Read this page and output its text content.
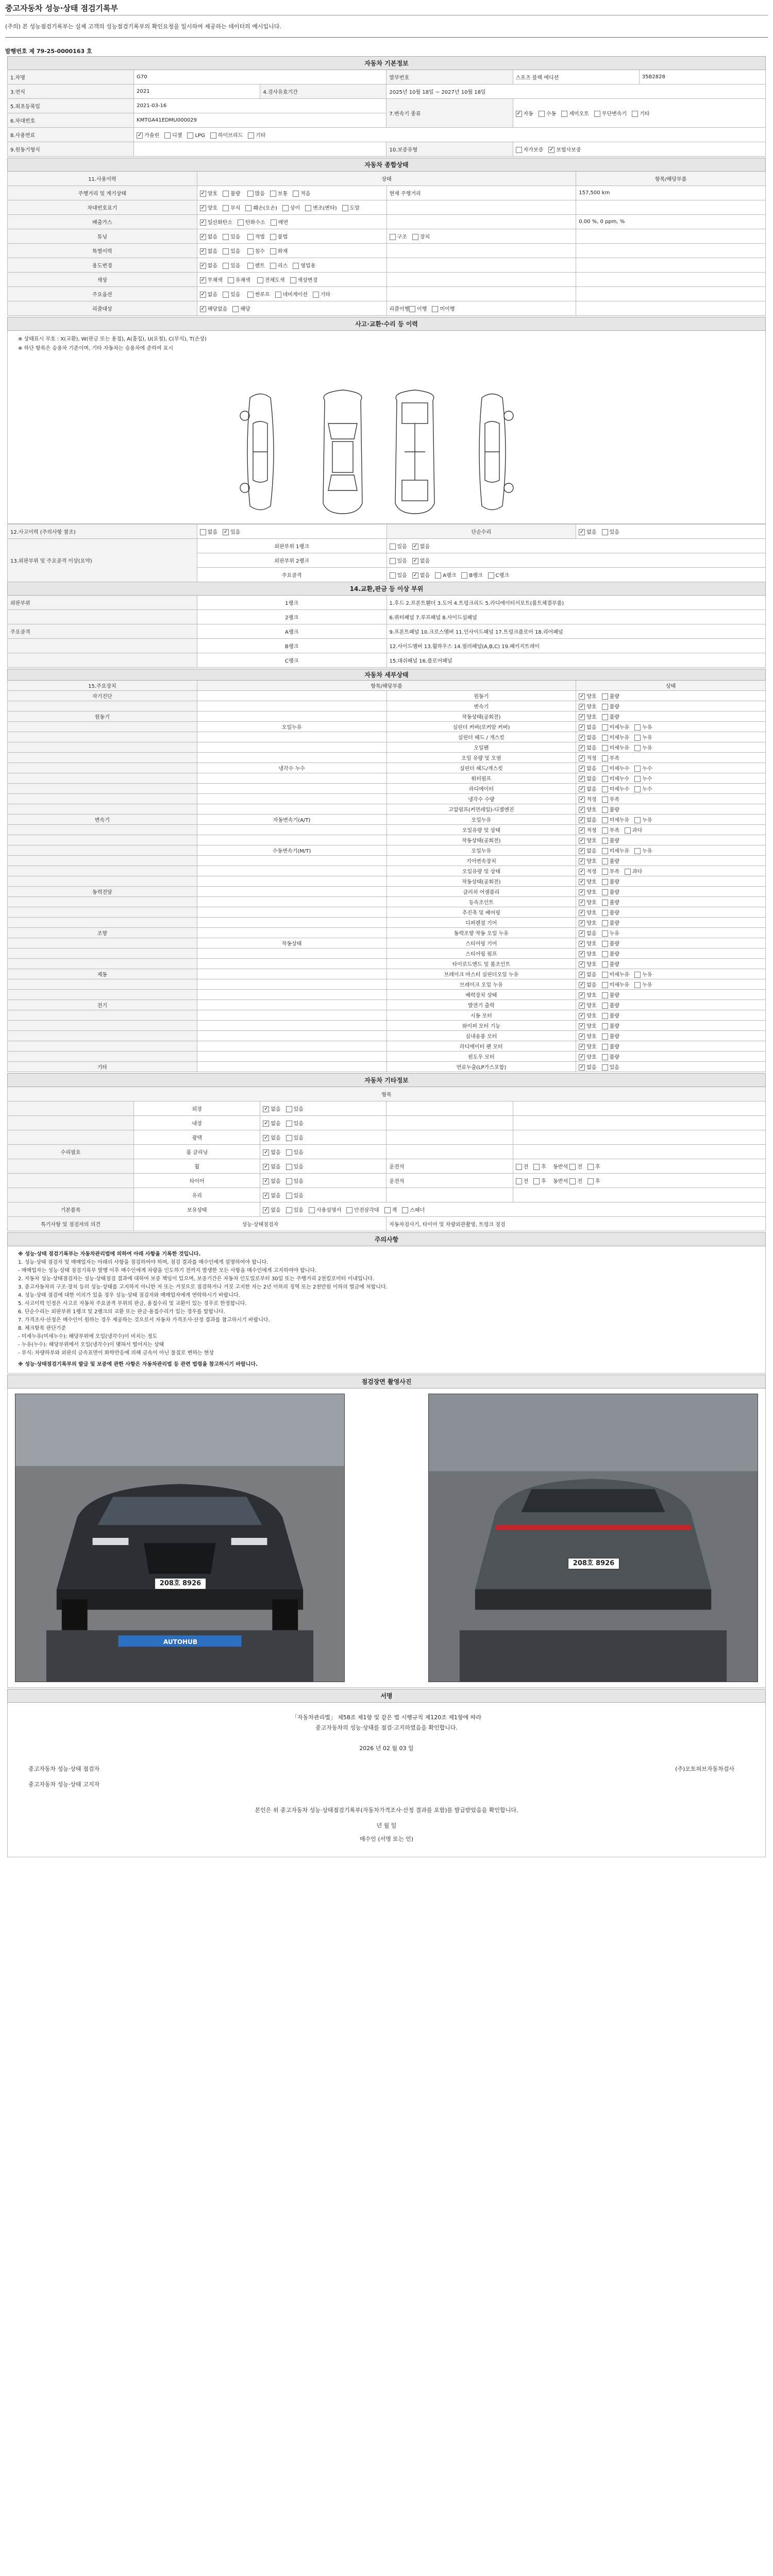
중고자동차 성능·상태 점검기록부
(주의) 본 성능점검기록부는 실제 고객의 성능점검기록부의 확인요청을 일시하여 제공하는 데이터의 예시입니다.
발행번호 제 79-25-0000163 호
자동차 기본정보					
1.차명	G70		발부번호	스포츠 블랙 에디션	35B2828
3.연식	2021	4.검사유효기간	2025년 10월 18일 ~ 2027년 10월 18일		
5.최초등록일	2021-03-16		7.변속기 종류	✓ 자동 수동 세미오토 무단변속기 기타	
6.차대번호	KMTGA41EDMU000029				
8.사용연료	✓ 가솔린 디젤 LPG 하이브리드 기타				
9.원동기형식			10.보증유형	자가보증 ✓ 보험사보증	
자동차 종합상태			
11.사용이력	상태		항목/해당부품
주행거리 및 계기상태	✓ 양호 불량 많음 보통 적음	현재 주행거리	157,500 km
차대번호표기	✓ 양호 부식 훼손(오손) 상이 변조(변타) 도말		
배출가스	✓ 일산화탄소 탄화수소 매연		0.00 %, 0 ppm, %
튜닝	✓ 없음 있음 적법 불법	구조 장치	
특별이력	✓ 없음 있음 침수 화재		
용도변경	✓ 없음 있음 렌트 리스 영업용		
색상	✓ 무채색 유채색 전체도색 색상변경		
주요옵션	✓ 없음 있음 썬루프 네비게이션 기타		
리콜대상	✓ 해당없음 해당	리콜이행 이행 미이행	
사고·교환·수리 등 이력
※ 상태표시 부호 : X(교환), W(판금 또는 용접), A(흠집), U(요철), C(부식), T(손상)
※ 하단 항목은 승용차 기준이며, 기타 자동차는 승용차에 준하여 표시
12.사고이력 (주의사항 참조)	없음 ✓ 있음	단순수리	✓ 없음 있음
13.외판부위 및 주요골격 이상(요약)	외판부위 1랭크	있음 ✓ 없음	
	외판부위 2랭크	있음 ✓ 없음	
	주요골격	있음 ✓ 없음 A랭크 B랭크 C랭크	
14.교환,판금 등 이상 부위			
외판부위	1랭크	1.후드 2.프론트휀더 3.도어 4.트렁크리드 5.라디에이터서포트(볼트체결부품)	
	2랭크	6.쿼터패널 7.루프패널 8.사이드실패널	
주요골격	A랭크	9.프론트패널 10.크로스멤버 11.인사이드패널 17.트렁크플로어 18.리어패널	
	B랭크	12.사이드멤버 13.휠하우스 14.필러패널(A,B,C) 19.패키지트레이	
	C랭크	15.대쉬패널 16.플로어패널	
자동차 세부상태			
15.주요장치	항목/해당부품		상태
자기진단		원동기	✓ 양호 불량
		변속기	✓ 양호 불량
원동기		작동상태(공회전)	✓ 양호 불량
	오일누유	실린더 커버(로커암 커버)	✓ 없음 미세누유 누유
		실린더 헤드 / 개스킷	✓ 없음 미세누유 누유
		오일팬	✓ 없음 미세누유 누유
		오일 유량 및 오염	✓ 적정 부족
	냉각수 누수	실린더 헤드/개스킷	✓ 없음 미세누수 누수
		워터펌프	✓ 없음 미세누수 누수
		라디에이터	✓ 없음 미세누수 누수
		냉각수 수량	✓ 적정 부족
		고압펌프(커먼레일)-디젤엔진	✓ 양호 불량
변속기	자동변속기(A/T)	오일누유	✓ 없음 미세누유 누유
		오일유량 및 상태	✓ 적정 부족 과다
		작동상태(공회전)	✓ 양호 불량
	수동변속기(M/T)	오일누유	✓ 없음 미세누유 누유
		기어변속장치	✓ 양호 불량
		오일유량 및 상태	✓ 적정 부족 과다
		작동상태(공회전)	✓ 양호 불량
동력전달		클러치 어셈블리	✓ 양호 불량
		등속조인트	✓ 양호 불량
		추진축 및 베어링	✓ 양호 불량
		디퍼렌셜 기어	✓ 양호 불량
조향		동력조향 작동 오일 누유	✓ 없음 누유
	작동상태	스티어링 기어	✓ 양호 불량
		스티어링 펌프	✓ 양호 불량
		타이로드엔드 및 볼조인트	✓ 양호 불량
제동		브레이크 마스터 실린더오일 누유	✓ 없음 미세누유 누유
		브레이크 오일 누유	✓ 없음 미세누유 누유
		배력장치 상태	✓ 양호 불량
전기		발전기 출력	✓ 양호 불량
		시동 모터	✓ 양호 불량
		와이퍼 모터 기능	✓ 양호 불량
		실내송풍 모터	✓ 양호 불량
		라디에이터 팬 모터	✓ 양호 불량
		윈도우 모터	✓ 양호 불량
기타		연료누출(LP가스포함)	✓ 없음 있음
자동차 기타정보				
항목				
	외장	✓ 없음 있음		
	내장	✓ 없음 있음		
	광택	✓ 없음 있음		
수리필요	룸 클리닝	✓ 없음 있음		
	휠	✓ 없음 있음	운전석	전 후 동반석 전 후
	타이어	✓ 없음 있음	운전석	전 후 동반석 전 후
	유리	✓ 없음 있음		
기본품목	보유상태	✓ 없음 있음 사용설명서 안전삼각대 잭 스패너		
특기사항 및 점검자의 의견	성능·상태점검자		자동차검사기, 타이어 및 차량외관촬영, 트렁크 점검	
주의사항
※ 성능·상태 점검기록부는 자동차관리법에 의하여 아래 사항을 기록한 것입니다.
1. 성능·상태 점검자 및 매매업자는 아래의 사항을 점검하여야 하며, 점검 결과를 매수인에게 설명하여야 합니다.
- 매매업자는 성능·상태 점검기록부 발행 이후 매수인에게 차량을 인도하기 전까지 발생한 모든 사항을 매수인에게 고지하여야 합니다.
2. 자동차 성능·상태점검자는 성능·상태점검 결과에 대하여 보증 책임이 있으며, 보증기간은 자동차 인도일로부터 30일 또는 주행거리 2천킬로미터 이내입니다.
3. 중고자동차의 구조·장치 등의 성능·상태를 고지하지 아니한 자 또는 거짓으로 점검하거나 거짓 고지한 자는 2년 이하의 징역 또는 2천만원 이하의 벌금에 처합니다.
4. 성능·상태 점검에 대한 이의가 있을 경우 성능·상태 점검자와 매매업자에게 연락하시기 바랍니다.
5. 사고이력 인정은 사고로 자동차 주요골격 부위의 판금, 용접수리 및 교환이 있는 경우로 한정합니다.
6. 단순수리는 외판부위 1랭크 및 2랭크의 교환 또는 판금·용접수리가 있는 경우를 말합니다.
7. 가격조사·산정은 매수인이 원하는 경우 제공하는 것으로서 자동차 가격조사·산정 결과를 참고하시기 바랍니다.
8. 체크항목 판단기준
- 미세누유(미세누수): 해당부위에 오일(냉각수)이 비치는 정도
- 누유(누수): 해당부위에서 오일(냉각수)이 맺혀서 떨어지는 상태
- 부식: 차량하부와 외판의 금속표면이 화학반응에 의해 금속이 아닌 물질로 변하는 현상
※ 성능·상태점검기록부의 발급 및 보증에 관한 사항은 자동차관리법 등 관련 법령을 참고하시기 바랍니다.
점검장면 촬영사진
208호 8926
AUTOHUB
208호 8926
서명
「자동차관리법」 제58조 제1항 및 같은 법 시행규칙 제120조 제1항에 따라
중고자동차의 성능·상태를 점검·고지하였음을 확인합니다.
2026 년 02 월 03 일
중고자동차 성능·상태 점검자	(주)오토허브자동차검사
중고자동차 성능·상태 고지자
본인은 위 중고자동차 성능·상태점검기록부(자동차가격조사·산정 결과를 포함)를 발급받았음을 확인합니다.
년 월 일
매수인 (서명 또는 인)
